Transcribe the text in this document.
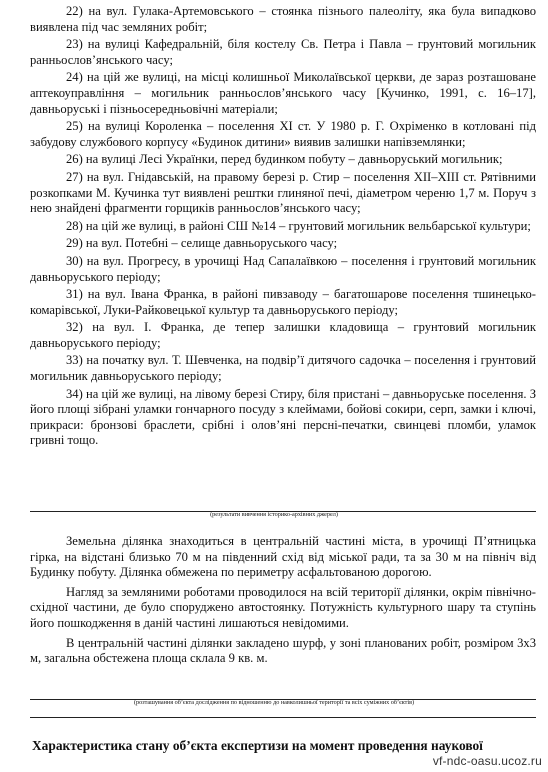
22) на вул. Гулака-Артемовського – стоянка пізнього палеоліту, яка була випадково виявлена під час земляних робіт;

23) на вулиці Кафедральній, біля костелу Св. Петра і Павла – грунтовий могильник ранньослов’янського часу;

24) на цій же вулиці, на місці колишньої Миколаївської церкви, де зараз розташоване аптекоуправління – могильник ранньослов’янського часу [Кучинко, 1991, с. 16–17], давньоруські і пізньосередньовічні матеріали;

25) на вулиці Короленка – поселення XI ст. У 1980 р. Г. Охріменко в котловані під забудову службового корпусу «Будинок дитини» виявив залишки напівземлянки;

26) на вулиці Лесі Українки, перед будинком побуту – давньоруський могильник;

27) на вул. Гнідавській, на правому березі р. Стир – поселення XII–XIII ст. Рятівними розкопками М. Кучинка тут виявлені рештки глиняної печі, діаметром череню 1,7 м. Поруч з нею знайдені фрагменти горщиків ранньослов’янського часу;

28) на цій же вулиці, в районі СШ №14 – грунтовий могильник вельбарської культури;

29) на вул. Потебні – селище давньоруського часу;

30) на вул. Прогресу, в урочищі Над Сапалаївкою – поселення і грунтовий могильник давньоруського періоду;

31) на вул. Івана Франка, в районі пивзаводу – багатошарове поселення тшинецько-комарівської, Луки-Райковецької культур та давньоруського періоду;

32) на вул. І. Франка, де тепер залишки кладовища – грунтовий могильник давньоруського періоду;

33) на початку вул. Т. Шевченка, на подвір’ї дитячого садочка – поселення і грунтовий могильник давньоруського періоду;

34) на цій же вулиці, на лівому березі Стиру, біля пристані – давньоруське поселення. З його площі зібрані уламки гончарного посуду з клеймами, бойові сокири, серп, замки і ключі, прикраси: бронзові браслети, срібні і олов’яні персні-печатки, свинцеві пломби, уламок гривні тощо.

(результати вивчення історико-архівних джерел)

Земельна ділянка знаходиться в центральній частині міста, в урочищі П’ятницька гірка, на відстані близько 70 м на південний схід від міської ради, та за 30 м на північ від Будинку побуту. Ділянка обмежена по периметру асфальтованою дорогою.

Нагляд за земляними роботами проводилося на всій території ділянки, окрім північно-східної частини, де було споруджено автостоянку. Потужність культурного шару та ступінь його пошкодження в даній частині лишаються невідомими.

В центральній частині ділянки закладено шурф, у зоні планованих робіт, розміром 3х3 м, загальна обстежена площа склала 9 кв. м.

(розташування об’єкта дослідження по відношенню до навколишньої території та всіх суміжних об’єктів)
Характеристика стану об’єкта експертизи на момент проведення наукової
vf-ndc-oasu.ucoz.ru
